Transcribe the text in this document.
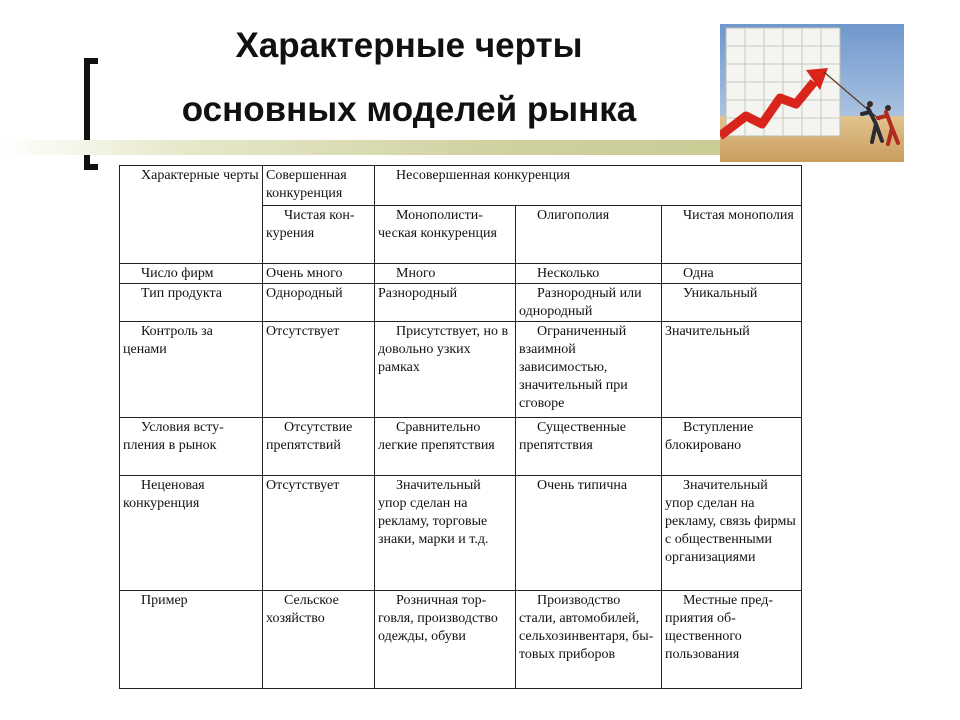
Характерные черты
основных моделей рынка
Характерные черты	Совершенная конкуренция	Несовершенная конкуренция		
	Чистая конкурения	Монополистическая конкуренция	Олигополия	Чистая монополия
Число фирм	Очень много	Много	Несколько	Одна
Тип продукта	Однородный	Разнородный	Разнородный или однородный	Уникальный
Контроль за ценами	Отсутствует	Присутствует, но в довольно узких рамках	Ограниченный взаимной зависимостью, значительный при сговоре	Значительный
Условия вступления в рынок	Отсутствие препятствий	Сравнительно легкие препятствия	Существенные препятствия	Вступление блокировано
Неценовая конкуренция	Отсутствует	Значительный упор сделан на рекламу, торговые знаки, марки и т.д.	Очень типична	Значительный упор сделан на рекламу, связь фирмы с общественными организациями
Пример	Сельское хозяйство	Розничная торговля, производство одежды, обуви	Производство стали, автомобилей, сельхозинвентаря, бытовых приборов	Местные предприятия общественного пользования
